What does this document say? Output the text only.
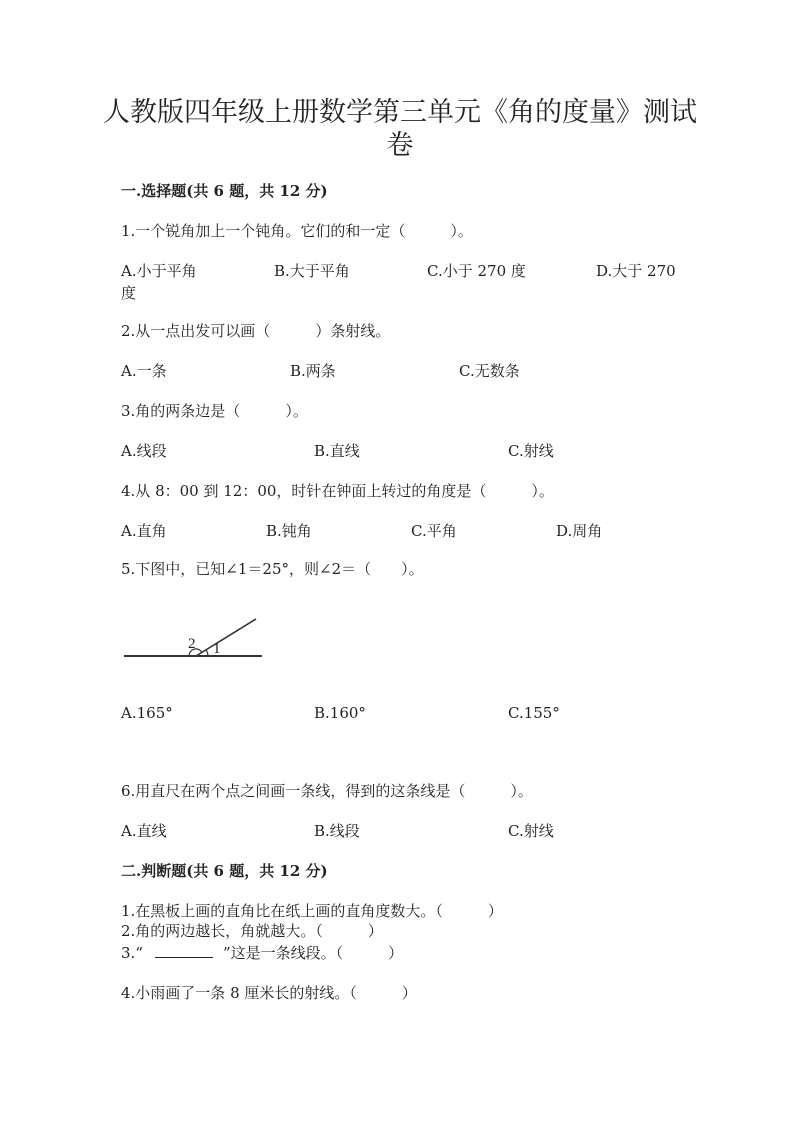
人教版四年级上册数学第三单元《角的度量》测试
卷
一.选择题(共 6 题，共 12 分)
1.一个锐角加上一个钝角。它们的和一定（　　　）。
A.小于平角	B.大于平角	C.小于 270 度	D.大于 270
度
2.从一点出发可以画（　　　）条射线。
A.一条	B.两条	C.无数条
3.角的两条边是（　　　）。
A.线段	B.直线	C.射线
4.从 8：00 到 12：00，时针在钟面上转过的角度是（　　　）。
A.直角	B.钝角	C.平角	D.周角
5.下图中，已知∠1＝25°，则∠2＝（　　）。
2 1
A.165°	B.160°	C.155°
6.用直尺在两个点之间画一条线，得到的这条线是（　　　）。
A.直线	B.线段	C.射线
二.判断题(共 6 题，共 12 分)
1.在黑板上画的直角比在纸上画的直角度数大。（　　　）
2.角的两边越长，角就越大。（　　　）
3.“	”这是一条线段。（　　　）
4.小雨画了一条 8 厘米长的射线。（　　　）
